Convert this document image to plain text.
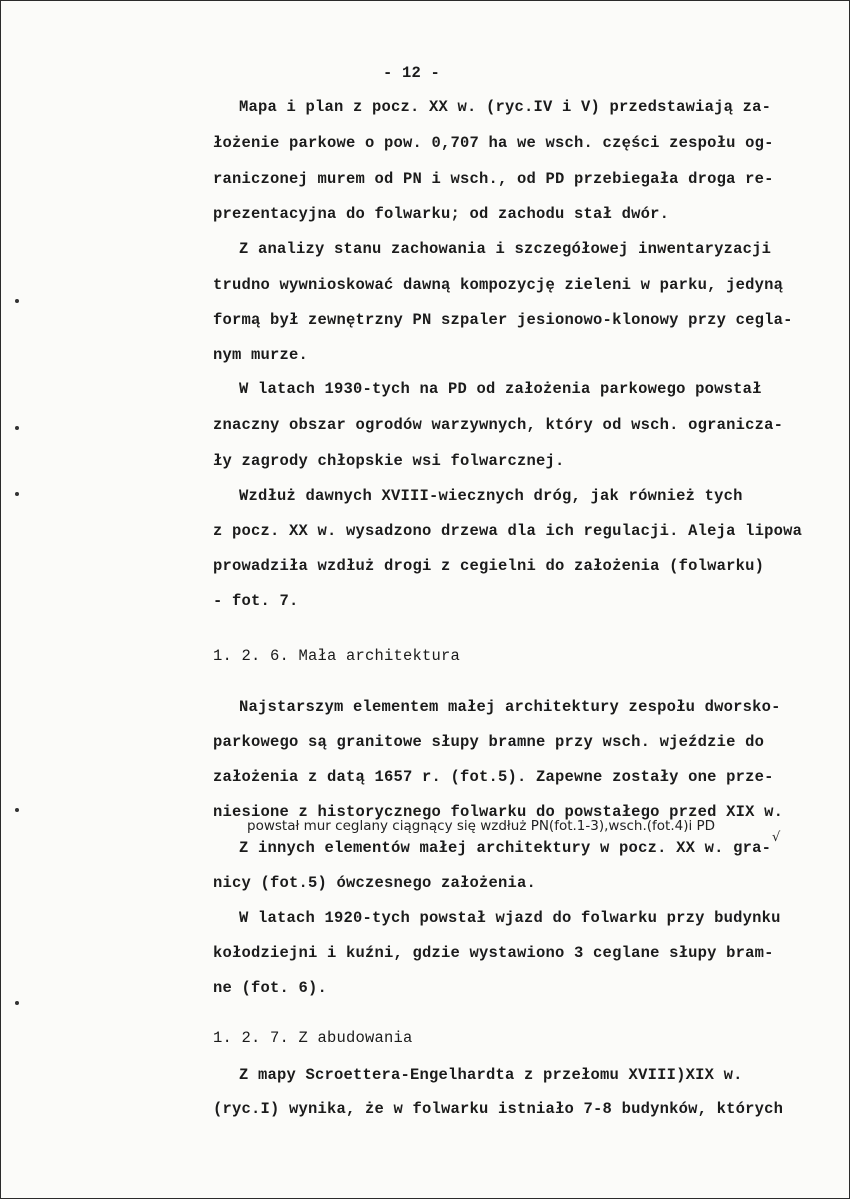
- 12 -
Mapa i plan z pocz. XX w. (ryc.IV i V) przedstawiają za-
łożenie parkowe o pow. 0,707 ha we wsch. części zespołu og-
raniczonej murem od PN i wsch., od PD przebiegała droga re-
prezentacyjna do folwarku; od zachodu stał dwór.
Z analizy stanu zachowania i szczegółowej inwentaryzacji
trudno wywnioskować dawną kompozycję zieleni w parku, jedyną
formą był zewnętrzny PN szpaler jesionowo-klonowy przy cegla-
nym murze.
W latach 1930-tych na PD od założenia parkowego powstał
znaczny obszar ogrodów warzywnych, który od wsch. ogranicza-
ły zagrody chłopskie wsi folwarcznej.
Wzdłuż dawnych XVIII-wiecznych dróg, jak również tych
z pocz. XX w. wysadzono drzewa dla ich regulacji. Aleja lipowa
prowadziła wzdłuż drogi z cegielni do założenia (folwarku)
- fot. 7.
1. 2. 6. Mała architektura
Najstarszym elementem małej architektury zespołu dworsko-
parkowego są granitowe słupy bramne przy wsch. wjeździe do
założenia z datą 1657 r. (fot.5). Zapewne zostały one prze-
niesione z historycznego folwarku do powstałego przed XIX w.
powstał mur ceglany ciągnący się wzdłuż PN(fot.1-3),wsch.(fot.4)i PD
√
Z innych elementów małej architektury w pocz. XX w. gra-
nicy (fot.5) ówczesnego założenia.
W latach 1920-tych powstał wjazd do folwarku przy budynku
kołodziejni i kuźni, gdzie wystawiono 3 ceglane słupy bram-
ne (fot. 6).
1. 2. 7. Z abudowania
Z mapy Scroettera-Engelhardta z przełomu XVIII)XIX w.
(ryc.I) wynika, że w folwarku istniało 7-8 budynków, których
